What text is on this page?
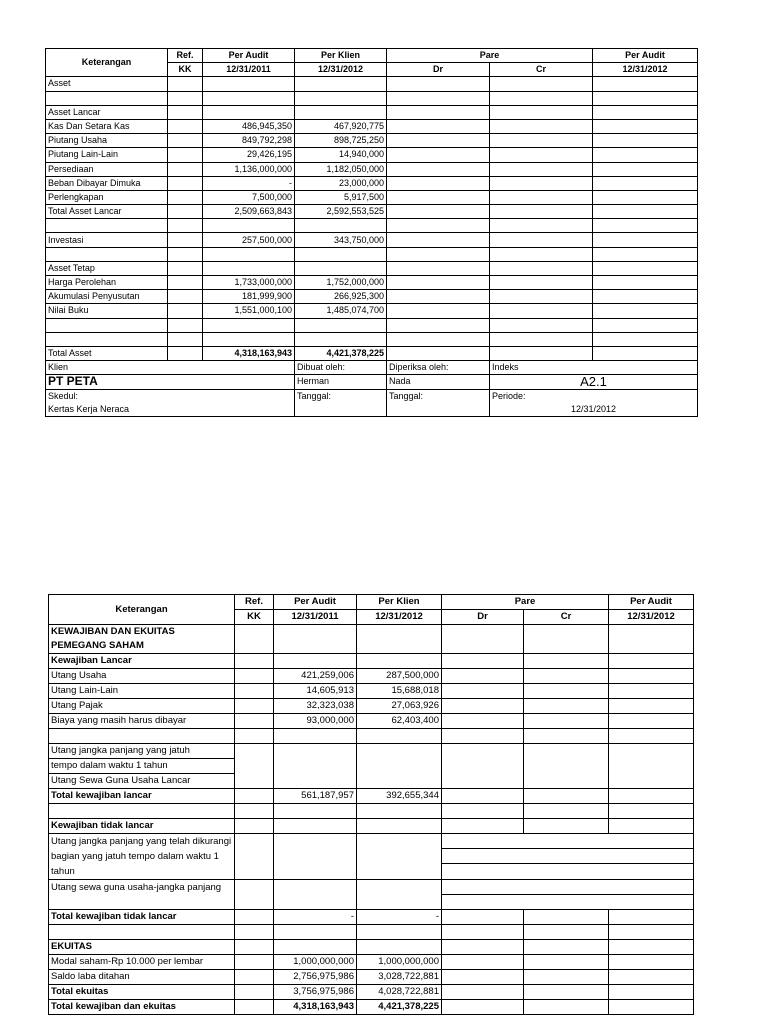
Keterangan	Ref.	Per Audit	Per Klien	Pare		Per Audit
	KK	12/31/2011	12/31/2012	Dr	Cr	12/31/2012
Asset						

Asset Lancar						
Kas Dan Setara Kas		486,945,350	467,920,775			
Piutang Usaha		849,792,298	898,725,250			
Piutang Lain-Lain		29,426,195	14,940,000			
Persediaan		1,136,000,000	1,182,050,000			
Beban Dibayar Dimuka		-	23,000,000			
Perlengkapan		7,500,000	5,917,500			
Total Asset Lancar		2,509,663,843	2,592,553,525			

Investasi		257,500,000	343,750,000			

Asset Tetap						
Harga Perolehan		1,733,000,000	1,752,000,000			
Akumulasi Penyusutan		181,999,900	266,925,300			
Nilai Buku		1,551,000,100	1,485,074,700			

Total Asset		4,318,163,943	4,421,378,225			
Klien			Dibuat oleh:	Diperiksa oleh:	Indeks	
PT PETA			Herman	Nada	A2.1	
Skedul:			Tanggal:	Tanggal:	Periode:	
Kertas Kerja Neraca					12/31/2012	
Keterangan	Ref.	Per Audit	Per Klien	Pare		Per Audit
	KK	12/31/2011	12/31/2012	Dr	Cr	12/31/2012
KEWAJIBAN DAN EKUITAS						
PEMEGANG SAHAM						
Kewajiban Lancar						
Utang Usaha		421,259,006	287,500,000			
Utang Lain-Lain		14,605,913	15,688,018			
Utang Pajak		32,323,038	27,063,926			
Biaya yang masih harus dibayar		93,000,000	62,403,400			

Utang jangka panjang yang jatuh						
tempo dalam waktu 1 tahun						
Utang Sewa Guna Usaha Lancar						
Total kewajiban lancar		561,187,957	392,655,344			

Kewajiban tidak lancar						
Utang jangka panjang yang telah dikurangi bagian yang jatuh tempo dalam waktu 1 tahun						

Utang sewa guna usaha-jangka panjang						

Total kewajiban tidak lancar		-	-			

EKUITAS						
Modal saham-Rp 10.000 per lembar		1,000,000,000	1,000,000,000			
Saldo laba ditahan		2,756,975,986	3,028,722,881			
Total ekuitas		3,756,975,986	4,028,722,881			
Total kewajiban dan ekuitas		4,318,163,943	4,421,378,225			
